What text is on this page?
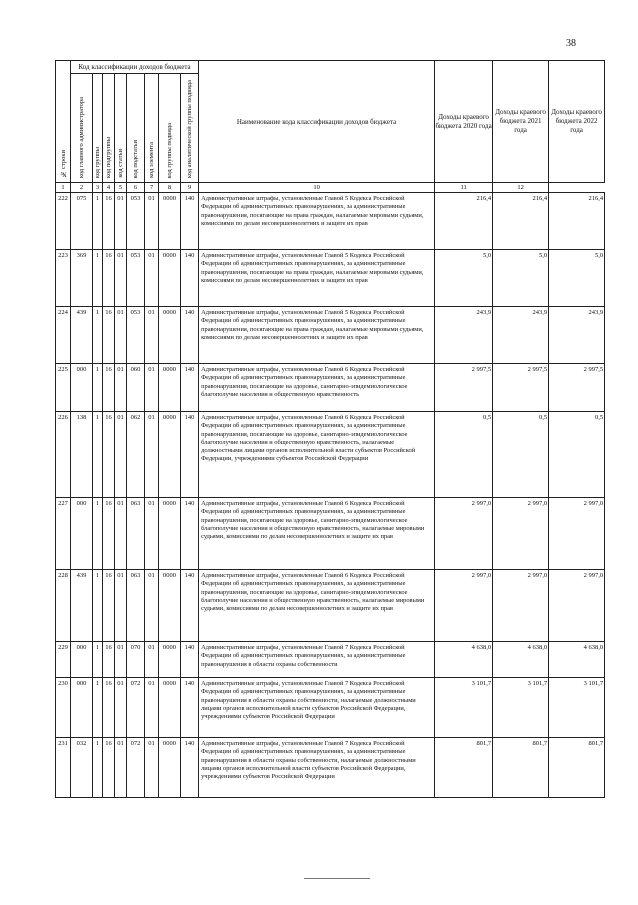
38
№ строки	Код классификации доходов бюджета								Наименование кода классификации доходов бюджета	Доходы краевого бюджета 2020 года	Доходы краевого бюджета 2021 года	Доходы краевого бюджета 2022 года

	код главного администратора	код группы	код подгруппы	код статьи	код подстатьи	код элемента	код группы подвида	код аналитической группы подвида				

1	2	3	4	5	6	7	8	9	10	11	12	
222	075	1	16	01	053	01	0000	140	Административные штрафы, установленные Главой 5 Кодекса Российской Федерации об административных правонарушениях, за административные правонарушения, посягающие на права граждан, налагаемые мировыми судьями, комиссиями по делам несовершеннолетних и защите их прав	216,4	216,4	216,4
223	369	1	16	01	053	01	0000	140	Административные штрафы, установленные Главой 5 Кодекса Российской Федерации об административных правонарушениях, за административные правонарушения, посягающие на права граждан, налагаемые мировыми судьями, комиссиями по делам несовершеннолетних и защите их прав	5,0	5,0	5,0
224	439	1	16	01	053	01	0000	140	Административные штрафы, установленные Главой 5 Кодекса Российской Федерации об административных правонарушениях, за административные правонарушения, посягающие на права граждан, налагаемые мировыми судьями, комиссиями по делам несовершеннолетних и защите их прав	243,9	243,9	243,9
225	000	1	16	01	060	01	0000	140	Административные штрафы, установленные Главой 6 Кодекса Российской Федерации об административных правонарушениях, за административные правонарушения, посягающие на здоровье, санитарно-эпидемиологическое благополучие населения и общественную нравственность	2 997,5	2 997,5	2 997,5
226	138	1	16	01	062	01	0000	140	Административные штрафы, установленные Главой 6 Кодекса Российской Федерации об административных правонарушениях, за административные правонарушения, посягающие на здоровье, санитарно-эпидемиологическое благополучие населения и общественную нравственность, налагаемые должностными лицами органов исполнительной власти субъектов Российской Федерации, учреждениями субъектов Российской Федерации	0,5	0,5	0,5
227	000	1	16	01	063	01	0000	140	Административные штрафы, установленные Главой 6 Кодекса Российской Федерации об административных правонарушениях, за административные правонарушения, посягающие на здоровье, санитарно-эпидемиологическое благополучие населения и общественную нравственность, налагаемые мировыми судьями, комиссиями по делам несовершеннолетних и защите их прав	2 997,0	2 997,0	2 997,0
228	439	1	16	01	063	01	0000	140	Административные штрафы, установленные Главой 6 Кодекса Российской Федерации об административных правонарушениях, за административные правонарушения, посягающие на здоровье, санитарно-эпидемиологическое благополучие населения и общественную нравственность, налагаемые мировыми судьями, комиссиями по делам несовершеннолетних и защите их прав	2 997,0	2 997,0	2 997,0
229	000	1	16	01	070	01	0000	140	Административные штрафы, установленные Главой 7 Кодекса Российской Федерации об административных правонарушениях, за административные правонарушения в области охраны собственности	4 638,0	4 638,0	4 638,0
230	000	1	16	01	072	01	0000	140	Административные штрафы, установленные Главой 7 Кодекса Российской Федерации об административных правонарушениях, за административные правонарушения в области охраны собственности, налагаемые должностными лицами органов исполнительной власти субъектов Российской Федерации, учреждениями субъектов Российской Федерации	3 101,7	3 101,7	3 101,7
231	032	1	16	01	072	01	0000	140	Административные штрафы, установленные Главой 7 Кодекса Российской Федерации об административных правонарушениях, за административные правонарушения в области охраны собственности, налагаемые должностными лицами органов исполнительной власти субъектов Российской Федерации, учреждениями субъектов Российской Федерации	801,7	801,7	801,7
